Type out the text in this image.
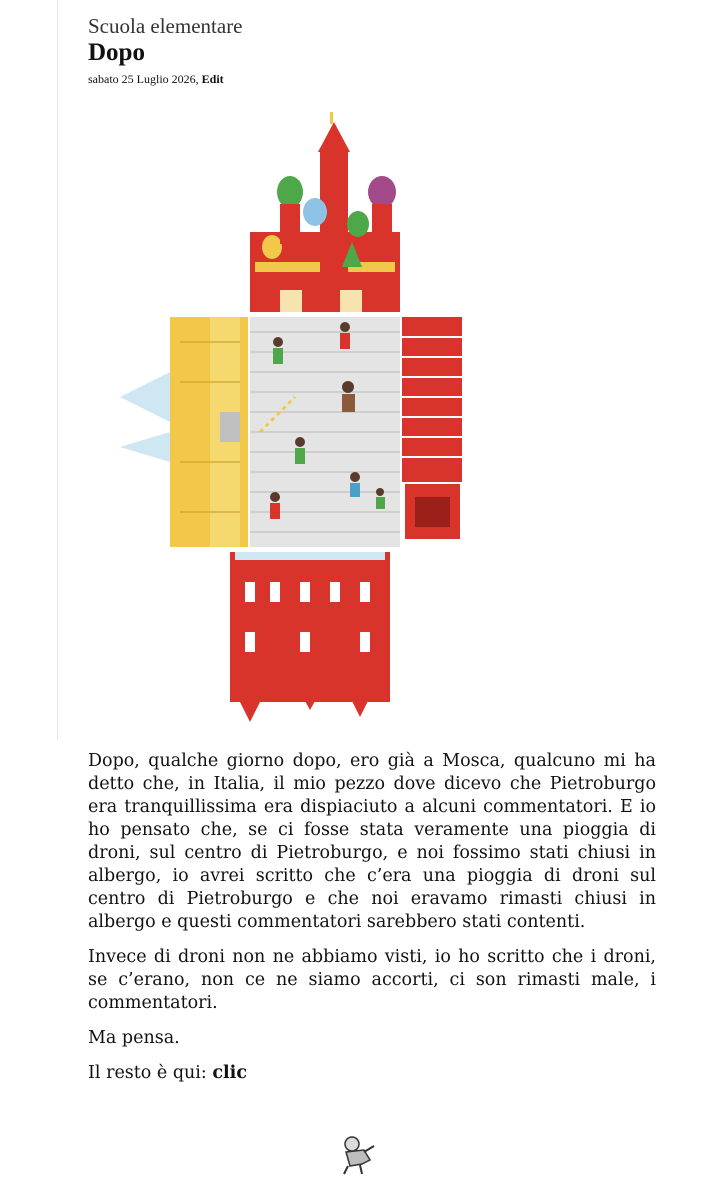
Scuola elementare
Dopo
sabato 25 Luglio 2026, Edit

Dopo, qualche giorno dopo, ero già a Mosca, qualcuno mi ha detto che, in Italia, il mio pezzo dove dicevo che Pietroburgo era tranquillissima era dispiaciuto a alcuni commentatori. E io ho pensato che, se ci fosse stata veramente una pioggia di droni, sul centro di Pietroburgo, e noi fossimo stati chiusi in albergo, io avrei scritto che c’era una pioggia di droni sul centro di Pietroburgo e che noi eravamo rimasti chiusi in albergo e questi commentatori sarebbero stati contenti.

Invece di droni non ne abbiamo visti, io ho scritto che i droni, se c’erano, non ce ne siamo accorti, ci son rimasti male, i commentatori.

Ma pensa.

Il resto è qui: clic
